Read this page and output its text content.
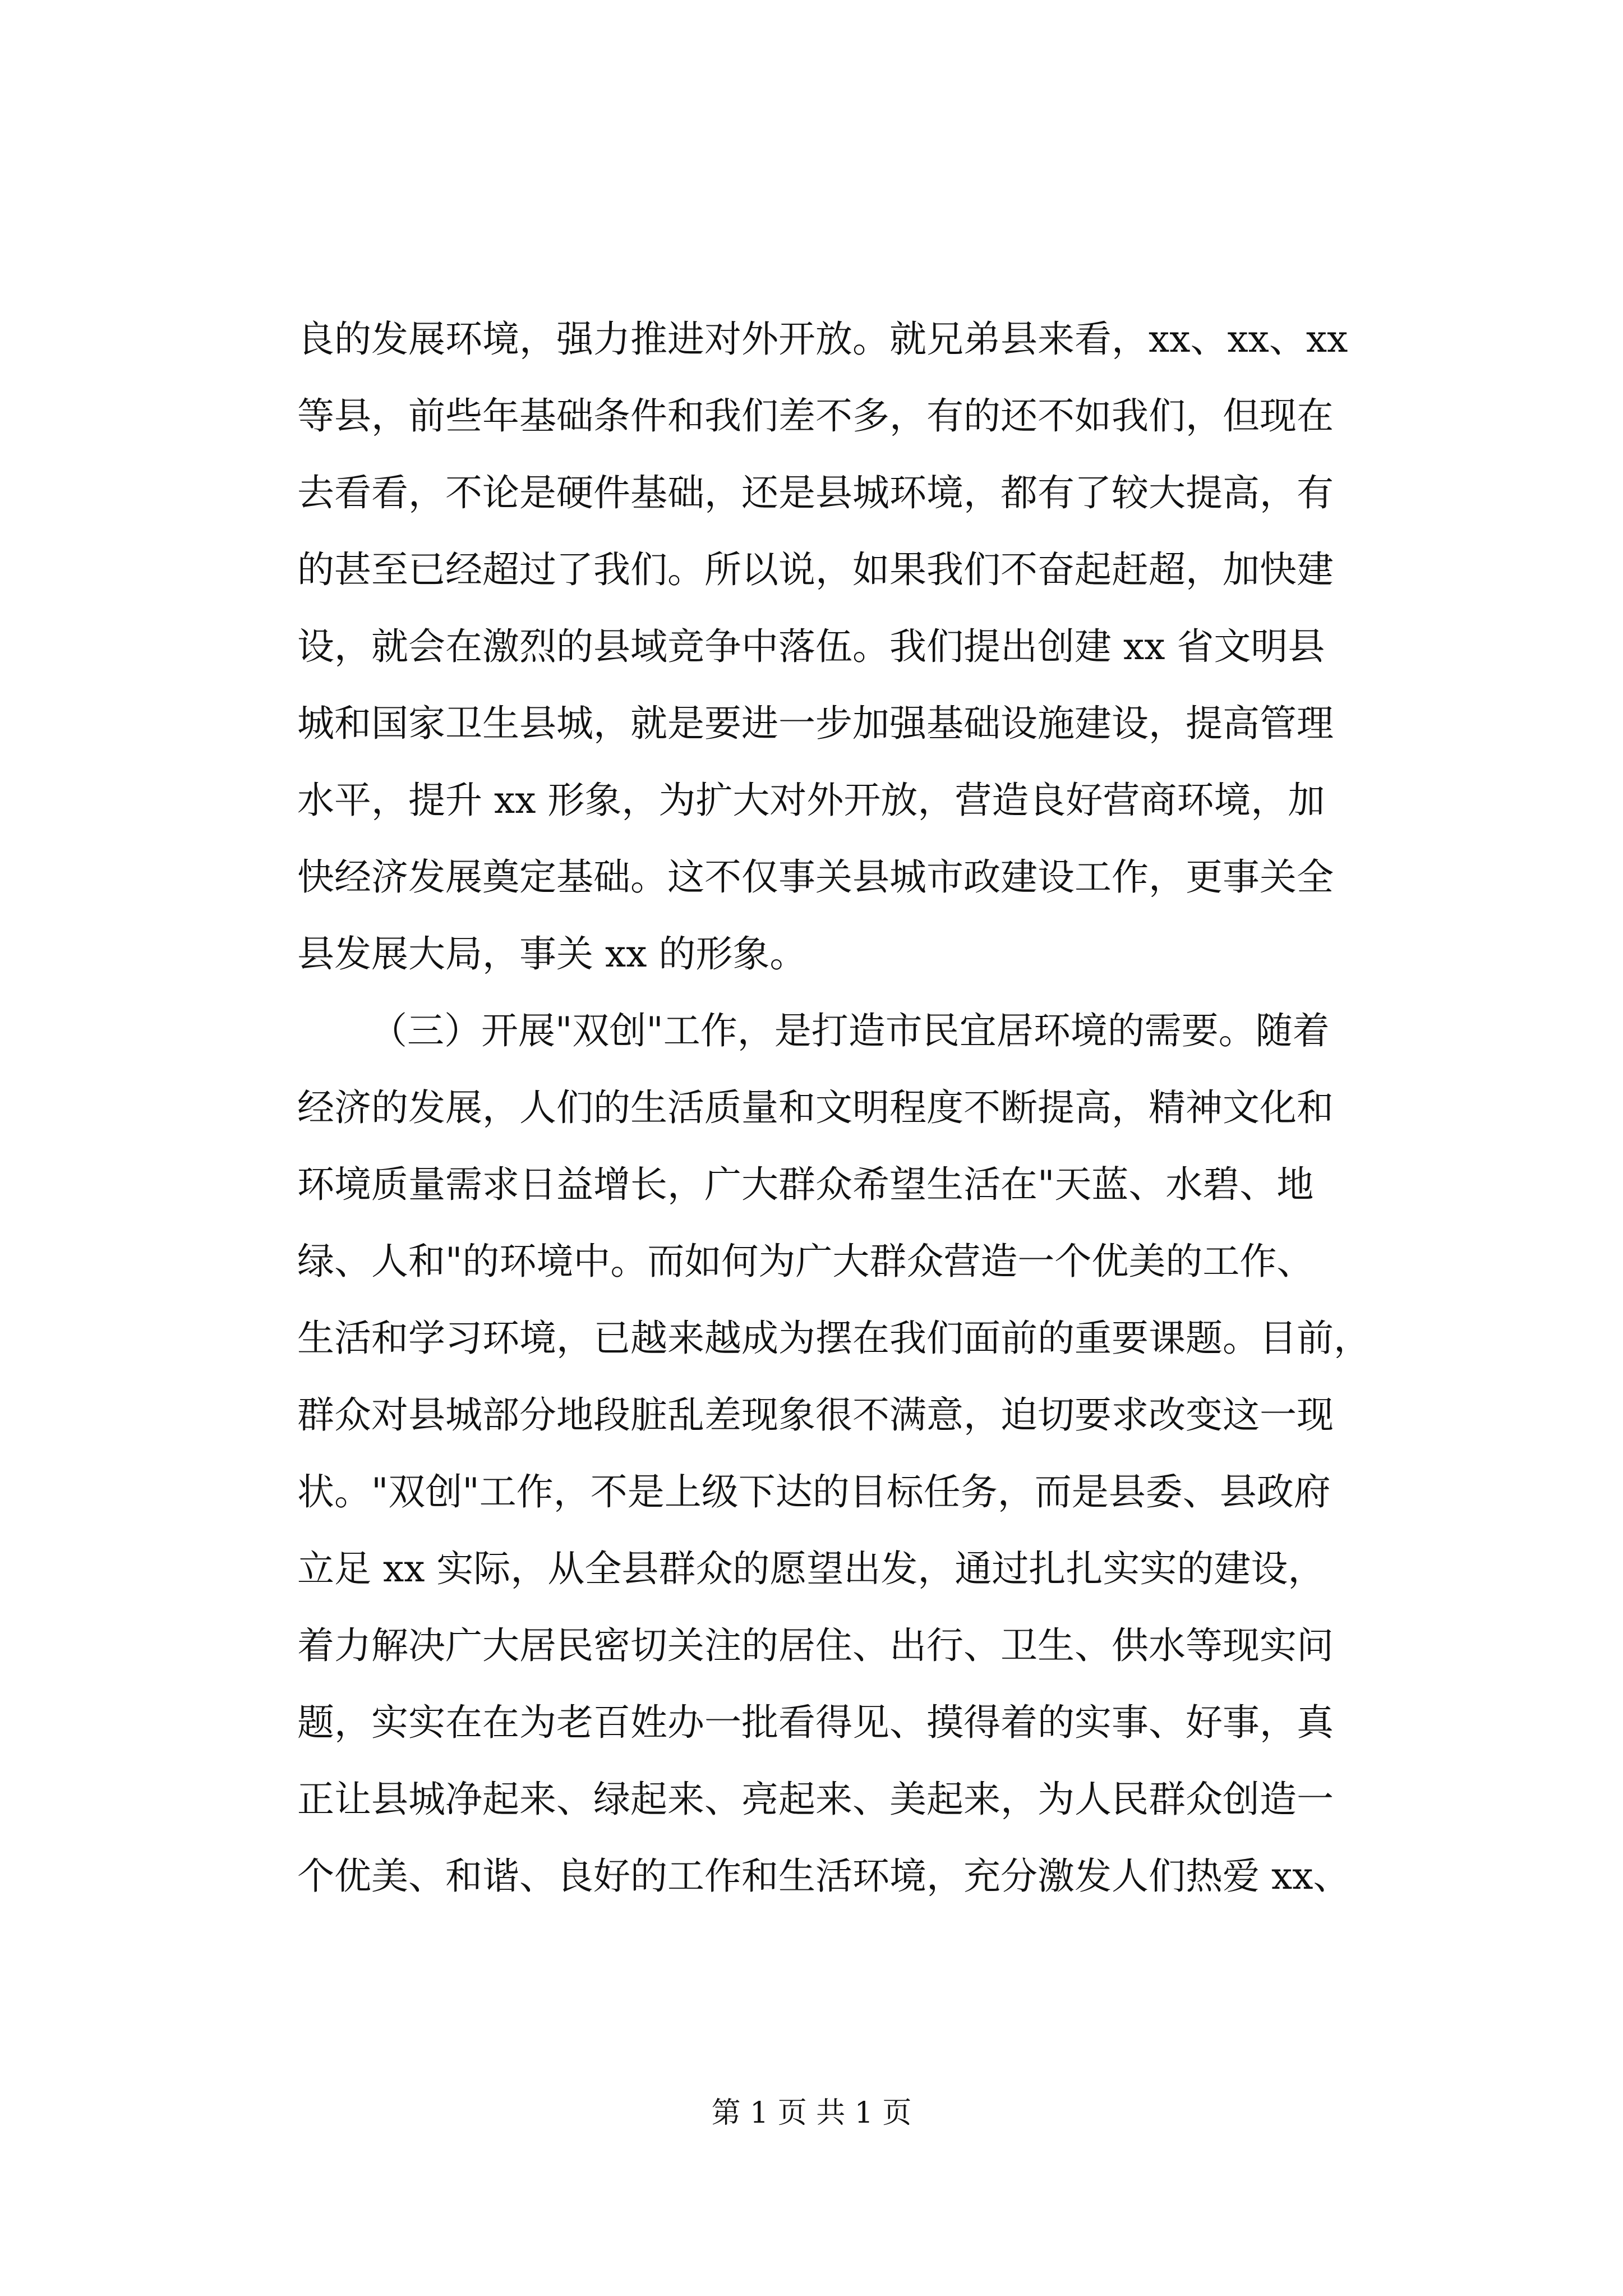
良的发展环境，强力推进对外开放。就兄弟县来看，xx、xx、xx
等县，前些年基础条件和我们差不多，有的还不如我们，但现在
去看看，不论是硬件基础，还是县城环境，都有了较大提高，有
的甚至已经超过了我们。所以说，如果我们不奋起赶超，加快建
设，就会在激烈的县域竞争中落伍。我们提出创建 xx 省文明县
城和国家卫生县城，就是要进一步加强基础设施建设，提高管理
水平，提升 xx 形象，为扩大对外开放，营造良好营商环境，加
快经济发展奠定基础。这不仅事关县城市政建设工作，更事关全
县发展大局，事关 xx 的形象。
（三）开展"双创"工作，是打造市民宜居环境的需要。随着
经济的发展，人们的生活质量和文明程度不断提高，精神文化和
环境质量需求日益增长，广大群众希望生活在"天蓝、水碧、地
绿、人和"的环境中。而如何为广大群众营造一个优美的工作、
生活和学习环境，已越来越成为摆在我们面前的重要课题。目前，
群众对县城部分地段脏乱差现象很不满意，迫切要求改变这一现
状。"双创"工作，不是上级下达的目标任务，而是县委、县政府
立足 xx 实际，从全县群众的愿望出发，通过扎扎实实的建设，
着力解决广大居民密切关注的居住、出行、卫生、供水等现实问
题，实实在在为老百姓办一批看得见、摸得着的实事、好事，真
正让县城净起来、绿起来、亮起来、美起来，为人民群众创造一
个优美、和谐、良好的工作和生活环境，充分激发人们热爱 xx、
第 1 页 共 1 页
